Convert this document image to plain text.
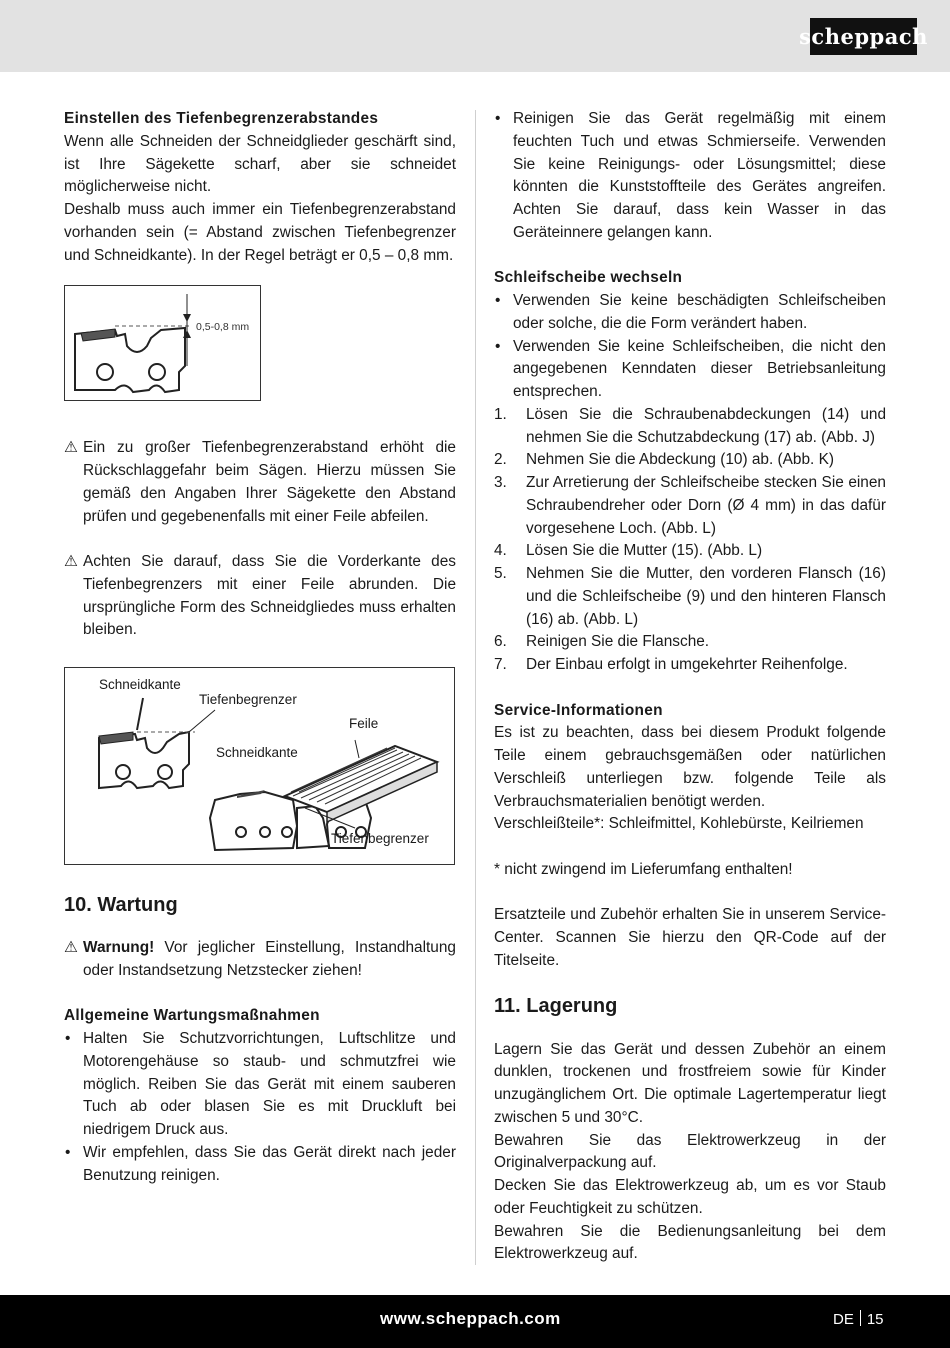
scheppach

Einstellen des Tiefenbegrenzerabstandes

Wenn alle Schneiden der Schneidglieder geschärft sind, ist Ihre Sägekette scharf, aber sie schneidet möglicherweise nicht.

Deshalb muss auch immer ein Tiefenbegrenzerabstand vorhanden sein (= Abstand zwischen Tiefenbegrenzer und Schneidkante). In der Regel beträgt er 0,5 – 0,8 mm.

0,5-0,8 mm

⚠ Ein zu großer Tiefenbegrenzerabstand erhöht die Rückschlaggefahr beim Sägen. Hierzu müssen Sie gemäß den Angaben Ihrer Sägekette den Abstand prüfen und gegebenenfalls mit einer Feile abfeilen.

⚠ Achten Sie darauf, dass Sie die Vorderkante des Tiefenbegrenzers mit einer Feile abrunden. Die ursprüngliche Form des Schneidgliedes muss erhalten bleiben.

Schneidkante
Tiefenbegrenzer
Feile
Schneidkante
Tiefenbegrenzer

10. Wartung

⚠ Warnung! Vor jeglicher Einstellung, Instandhaltung oder Instandsetzung Netzstecker ziehen!

Allgemeine Wartungsmaßnahmen

• Halten Sie Schutzvorrichtungen, Luftschlitze und Motorengehäuse so staub- und schmutzfrei wie möglich. Reiben Sie das Gerät mit einem sauberen Tuch ab oder blasen Sie es mit Druckluft bei niedrigem Druck aus.

• Wir empfehlen, dass Sie das Gerät direkt nach jeder Benutzung reinigen.

• Reinigen Sie das Gerät regelmäßig mit einem feuchten Tuch und etwas Schmierseife. Verwenden Sie keine Reinigungs- oder Lösungsmittel; diese könnten die Kunststoffteile des Gerätes angreifen. Achten Sie darauf, dass kein Wasser in das Geräteinnere gelangen kann.

Schleifscheibe wechseln

• Verwenden Sie keine beschädigten Schleifscheiben oder solche, die die Form verändert haben.

• Verwenden Sie keine Schleifscheiben, die nicht den angegebenen Kenndaten dieser Betriebsanleitung entsprechen.

1. Lösen Sie die Schraubenabdeckungen (14) und nehmen Sie die Schutzabdeckung (17) ab. (Abb. J)

2. Nehmen Sie die Abdeckung (10) ab. (Abb. K)

3. Zur Arretierung der Schleifscheibe stecken Sie einen Schraubendreher oder Dorn (Ø 4 mm) in das dafür vorgesehene Loch. (Abb. L)

4. Lösen Sie die Mutter (15). (Abb. L)

5. Nehmen Sie die Mutter, den vorderen Flansch (16) und die Schleifscheibe (9) und den hinteren Flansch (16) ab. (Abb. L)

6. Reinigen Sie die Flansche.

7. Der Einbau erfolgt in umgekehrter Reihenfolge.

Service-Informationen

Es ist zu beachten, dass bei diesem Produkt folgende Teile einem gebrauchsgemäßen oder natürlichen Verschleiß unterliegen bzw. folgende Teile als Verbrauchsmaterialien benötigt werden.

Verschleißteile*: Schleifmittel, Kohlebürste, Keilriemen

* nicht zwingend im Lieferumfang enthalten!

Ersatzteile und Zubehör erhalten Sie in unserem Service-Center. Scannen Sie hierzu den QR-Code auf der Titelseite.

11. Lagerung

Lagern Sie das Gerät und dessen Zubehör an einem dunklen, trockenen und frostfreiem sowie für Kinder unzugänglichem Ort. Die optimale Lagertemperatur liegt zwischen 5 und 30°C.

Bewahren Sie das Elektrowerkzeug in der Originalverpackung auf.

Decken Sie das Elektrowerkzeug ab, um es vor Staub oder Feuchtigkeit zu schützen.

Bewahren Sie die Bedienungsanleitung bei dem Elektrowerkzeug auf.

www.scheppach.com	DE 15
